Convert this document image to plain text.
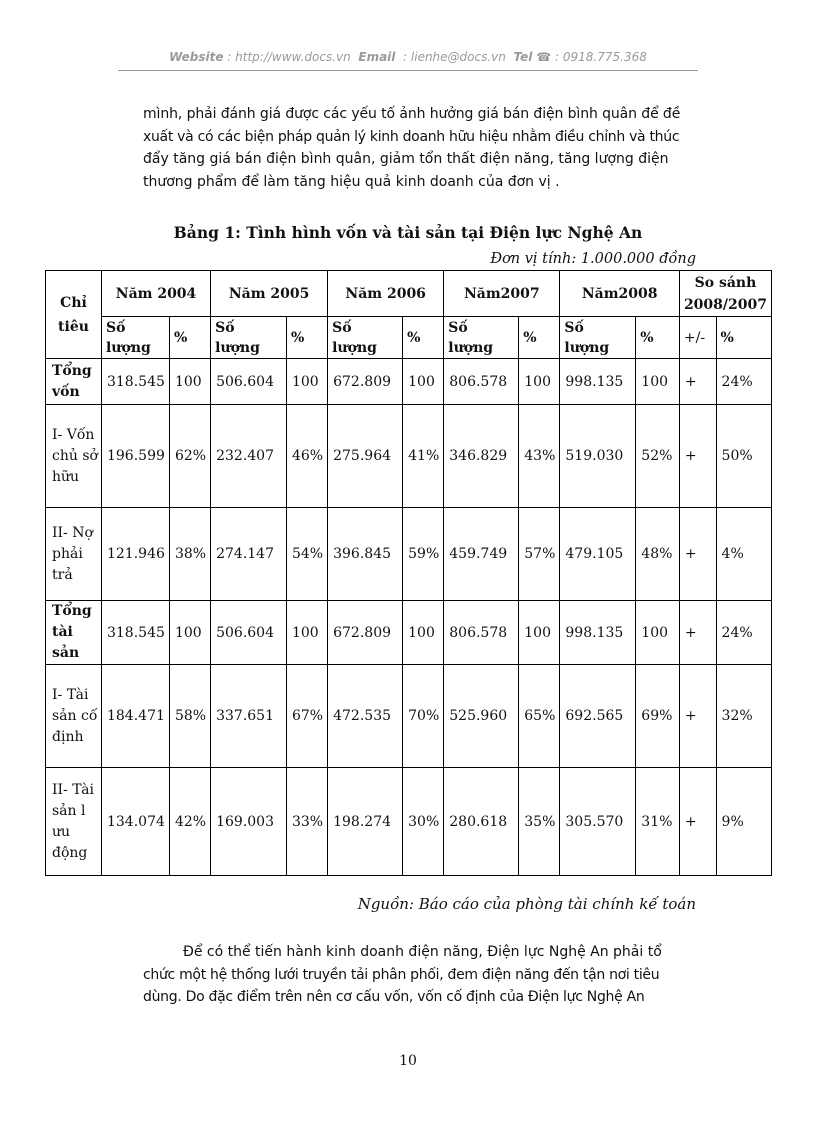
Website : http://www.docs.vn Email : lienhe@docs.vn Tel ☎ : 0918.775.368
mình, phải đánh giá được các yếu tố ảnh hưởng giá bán điện bình quân để đề
xuất và có các biện pháp quản lý kinh doanh hữu hiệu nhằm điều chỉnh và thúc
đẩy tăng giá bán điện bình quân, giảm tổn thất điện năng, tăng lượng điện
thương phẩm để làm tăng hiệu quả kinh doanh của đơn vị .
Bảng 1: Tình hình vốn và tài sản tại Điện lực Nghệ An
Đơn vị tính: 1.000.000 đồng
Chỉ tiêu	Năm 2004		Năm 2005		Năm 2006		Năm2007		Năm2008		So sánh 2008/2007	
	Số lượng	%	Số lượng	%	Số lượng	%	Số lượng	%	Số lượng	%	+/-	%
Tổng vốn	318.545	100	506.604	100	672.809	100	806.578	100	998.135	100	+	24%
I- Vốn chủ sở hữu	196.599	62%	232.407	46%	275.964	41%	346.829	43%	519.030	52%	+	50%
II- Nợ phải trả	121.946	38%	274.147	54%	396.845	59%	459.749	57%	479.105	48%	+	4%
Tổng tài sản	318.545	100	506.604	100	672.809	100	806.578	100	998.135	100	+	24%
I- Tài sản cố định	184.471	58%	337.651	67%	472.535	70%	525.960	65%	692.565	69%	+	32%
II- Tài sản l ưu động	134.074	42%	169.003	33%	198.274	30%	280.618	35%	305.570	31%	+	9%
Nguồn: Báo cáo của phòng tài chính kế toán
Để có thể tiến hành kinh doanh điện năng, Điện lực Nghệ An phải tổ
chức một hệ thống lưới truyền tải phân phối, đem điện năng đến tận nơi tiêu
dùng. Do đặc điểm trên nên cơ cấu vốn, vốn cố định của Điện lực Nghệ An
10
